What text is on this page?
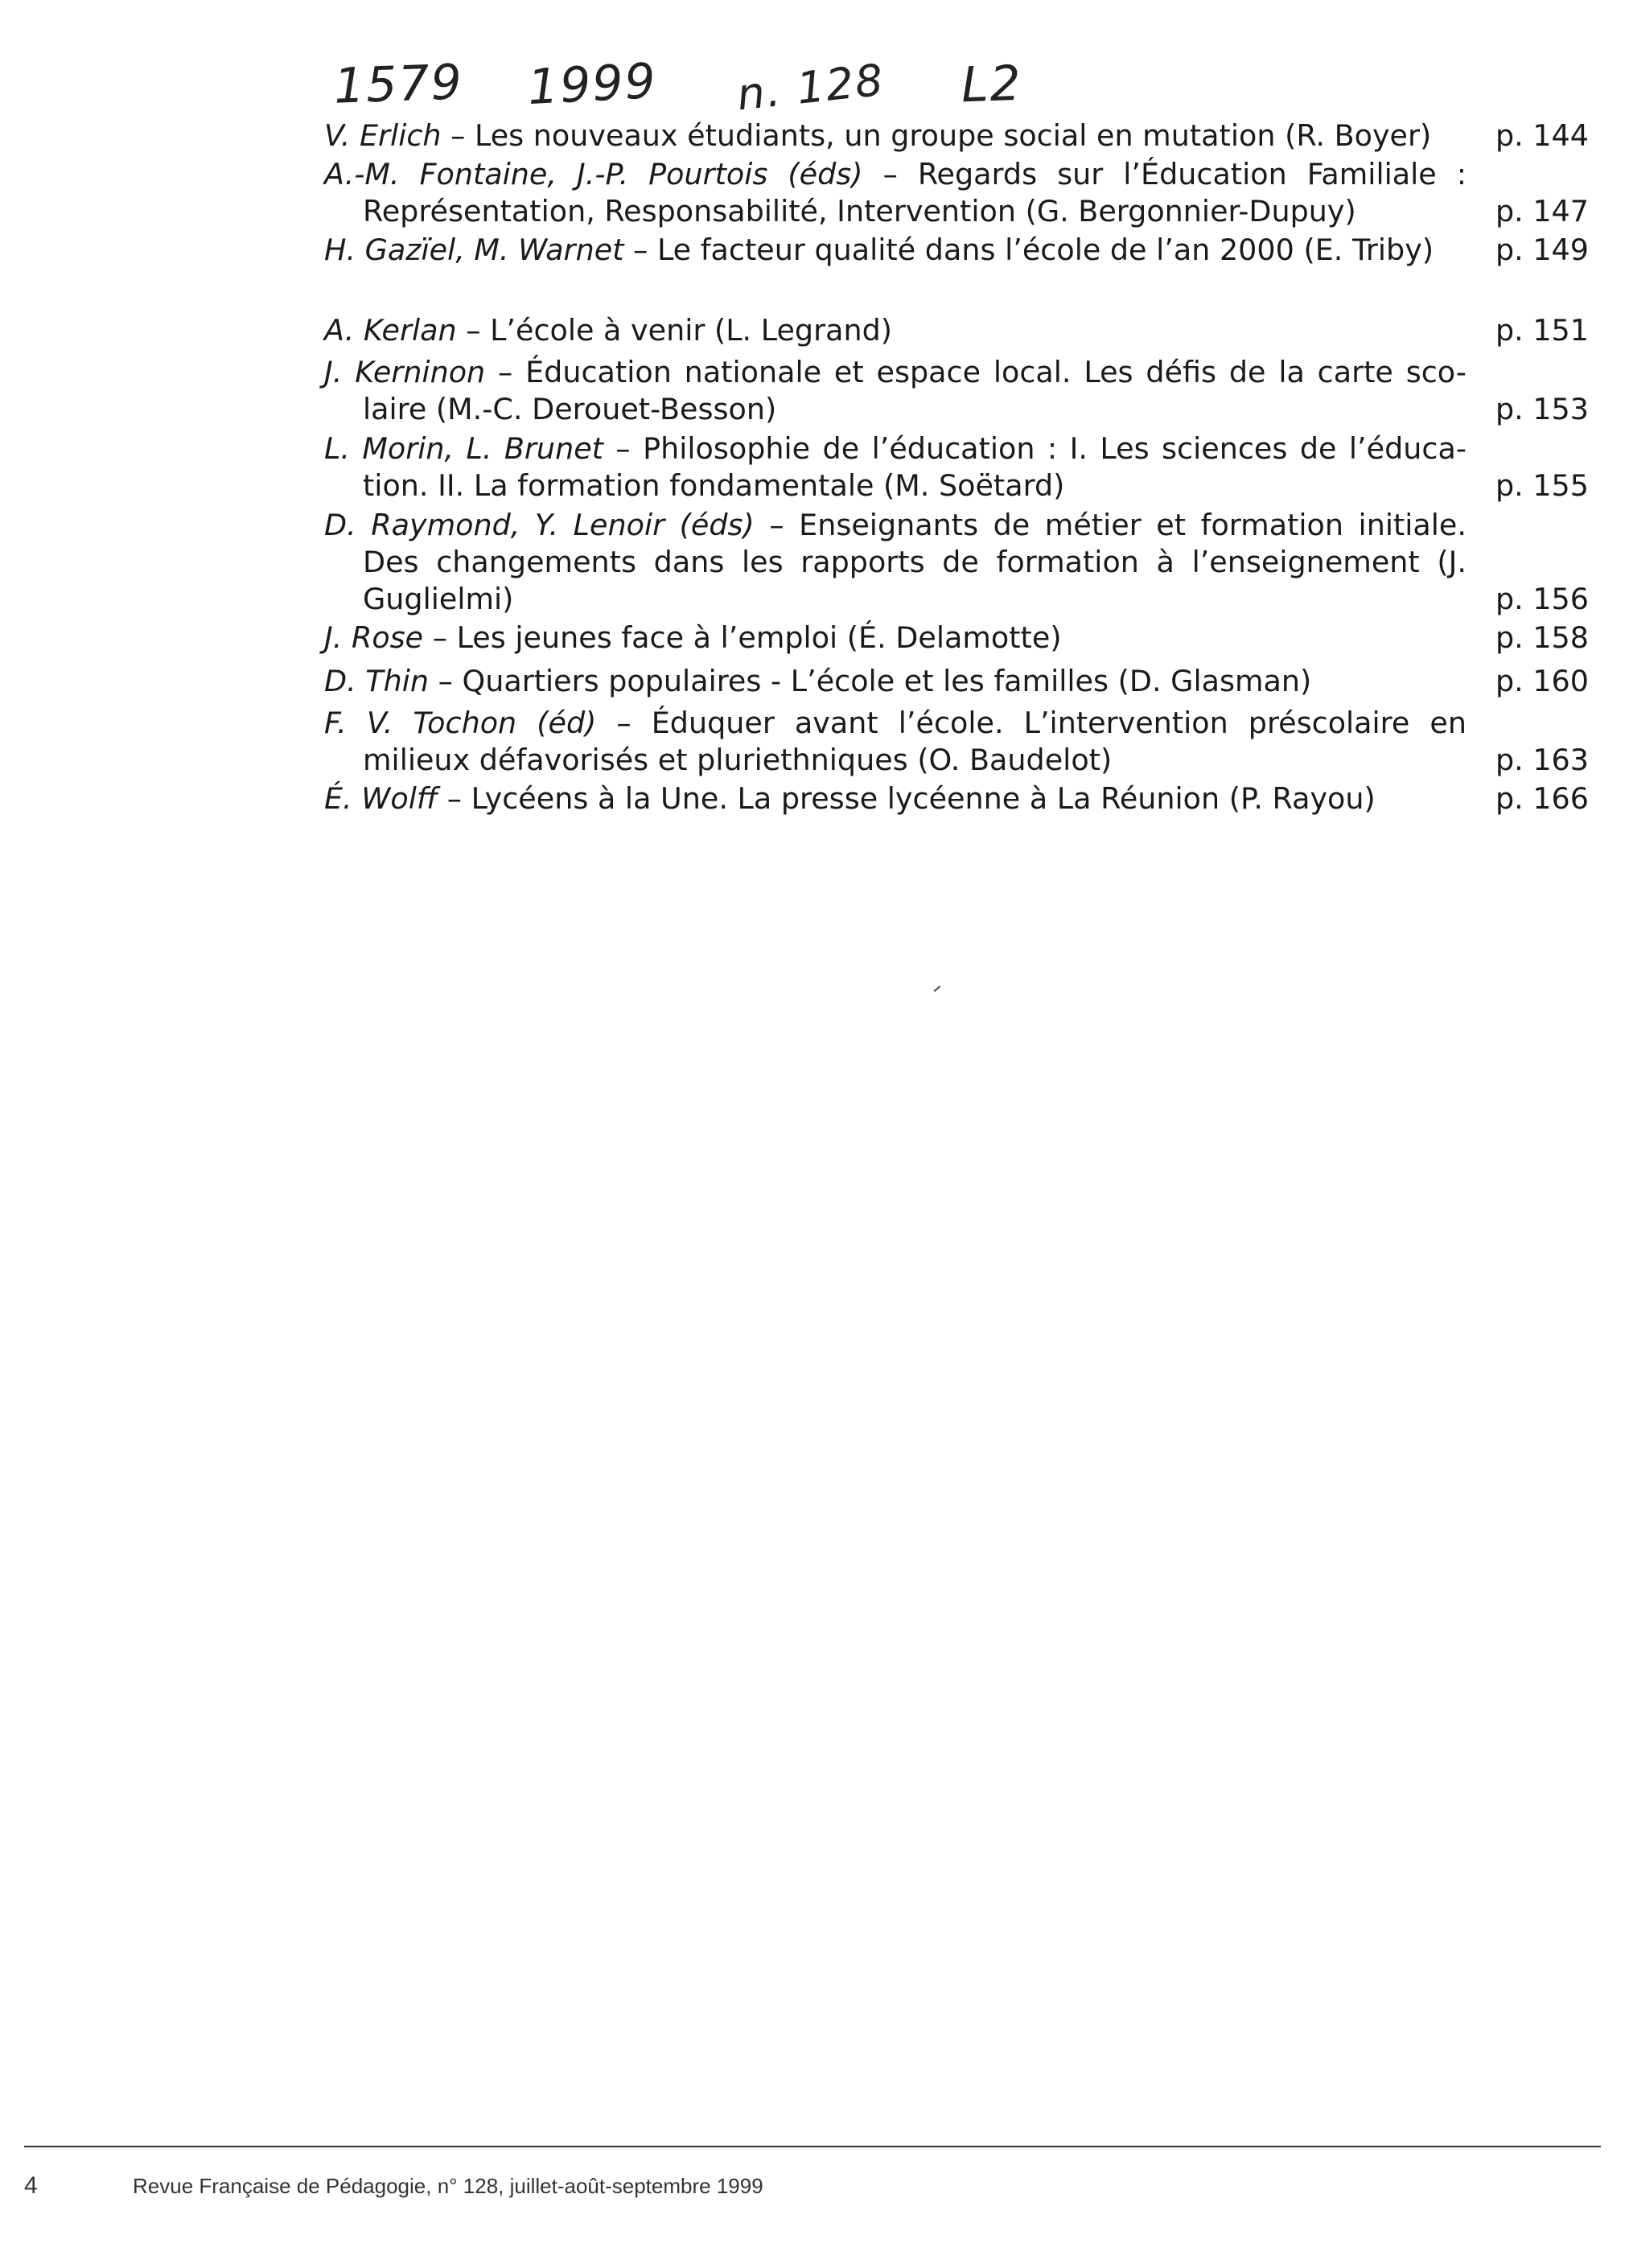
1579 1999 n. 128 L2
V. Erlich – Les nouveaux étudiants, un groupe social en mutation (R. Boyer)	p. 144
A.-M. Fontaine, J.-P. Pourtois (éds) – Regards sur l’Éducation Familiale : Représentation, Responsabilité, Intervention (G. Bergonnier-Dupuy)	p. 147
H. Gazïel, M. Warnet – Le facteur qualité dans l’école de l’an 2000 (E. Triby)	p. 149
A. Kerlan – L’école à venir (L. Legrand)	p. 151
J. Kerninon – Éducation nationale et espace local. Les défis de la carte sco-laire (M.-C. Derouet-Besson)	p. 153
L. Morin, L. Brunet – Philosophie de l’éducation : I. Les sciences de l’éduca-tion. II. La formation fondamentale (M. Soëtard)	p. 155
D. Raymond, Y. Lenoir (éds) – Enseignants de métier et formation initiale. Des changements dans les rapports de formation à l’enseignement (J. Guglielmi)	p. 156
J. Rose – Les jeunes face à l’emploi (É. Delamotte)	p. 158
D. Thin – Quartiers populaires - L’école et les familles (D. Glasman)	p. 160
F. V. Tochon (éd) – Éduquer avant l’école. L’intervention préscolaire en milieux défavorisés et pluriethniques (O. Baudelot)	p. 163
É. Wolff – Lycéens à la Une. La presse lycéenne à La Réunion (P. Rayou)	p. 166
4	Revue Française de Pédagogie, n° 128, juillet-août-septembre 1999
